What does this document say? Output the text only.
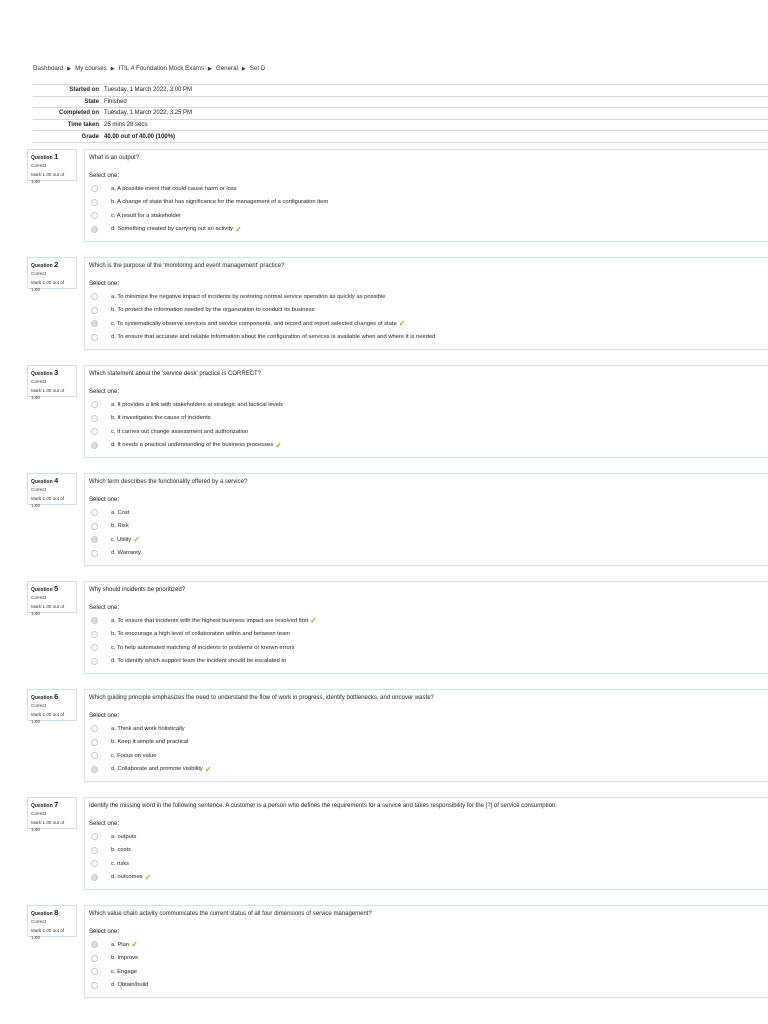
Dashboard ▶ My courses ▶ ITIL 4 Foundation Mock Exams ▶ General ▶ Set D
Started on	Tuesday, 1 March 2022, 3:00 PM
State	Finished
Completed on	Tuesday, 1 March 2022, 3:25 PM
Time taken	25 mins 28 secs
Grade	40.00 out of 40.00 (100%)
Question 1
Correct
Mark 1.00 out of 1.00
What is an output?
Select one:
a. A possible event that could cause harm or loss
b. A change of state that has significance for the management of a configuration item
c. A result for a stakeholder
d. Something created by carrying out an activity ✓
Question 2
Correct
Mark 1.00 out of 1.00
Which is the purpose of the 'monitoring and event management' practice?
Select one:
a. To minimize the negative impact of incidents by restoring normal service operation as quickly as possible
b. To protect the information needed by the organization to conduct its business
c. To systematically observe services and service components, and record and report selected changes of state ✓
d. To ensure that accurate and reliable information about the configuration of services is available when and where it is needed
Question 3
Correct
Mark 1.00 out of 1.00
Which statement about the 'service desk' practice is CORRECT?
Select one:
a. It provides a link with stakeholders at strategic and tactical levels
b. It investigates the cause of incidents
c. It carries out change assessment and authorization
d. It needs a practical understanding of the business processes ✓
Question 4
Correct
Mark 1.00 out of 1.00
Which term describes the functionality offered by a service?
Select one:
a. Cost
b. Risk
c. Utility ✓
d. Warranty
Question 5
Correct
Mark 1.00 out of 1.00
Why should incidents be prioritized?
Select one:
a. To ensure that incidents with the highest business impact are resolved first ✓
b. To encourage a high level of collaboration within and between team
c. To help automated matching of incidents to problems or known errors
d. To identify which support team the incident should be escalated to
Question 6
Correct
Mark 1.00 out of 1.00
Which guiding principle emphasizes the need to understand the flow of work in progress, identify bottlenecks, and uncover waste?
Select one:
a. Think and work holistically
b. Keep it simple and practical
c. Focus on value
d. Collaborate and promote visibility ✓
Question 7
Correct
Mark 1.00 out of 1.00
Identify the missing word in the following sentence. A customer is a person who defines the requirements for a service and takes responsibility for the [?] of service consumption.
Select one:
a. outputs
b. costs
c. risks
d. outcomes ✓
Question 8
Correct
Mark 1.00 out of 1.00
Which value chain activity communicates the current status of all four dimensions of service management?
Select one:
a. Plan ✓
b. Improve
c. Engage
d. Obtain/build
